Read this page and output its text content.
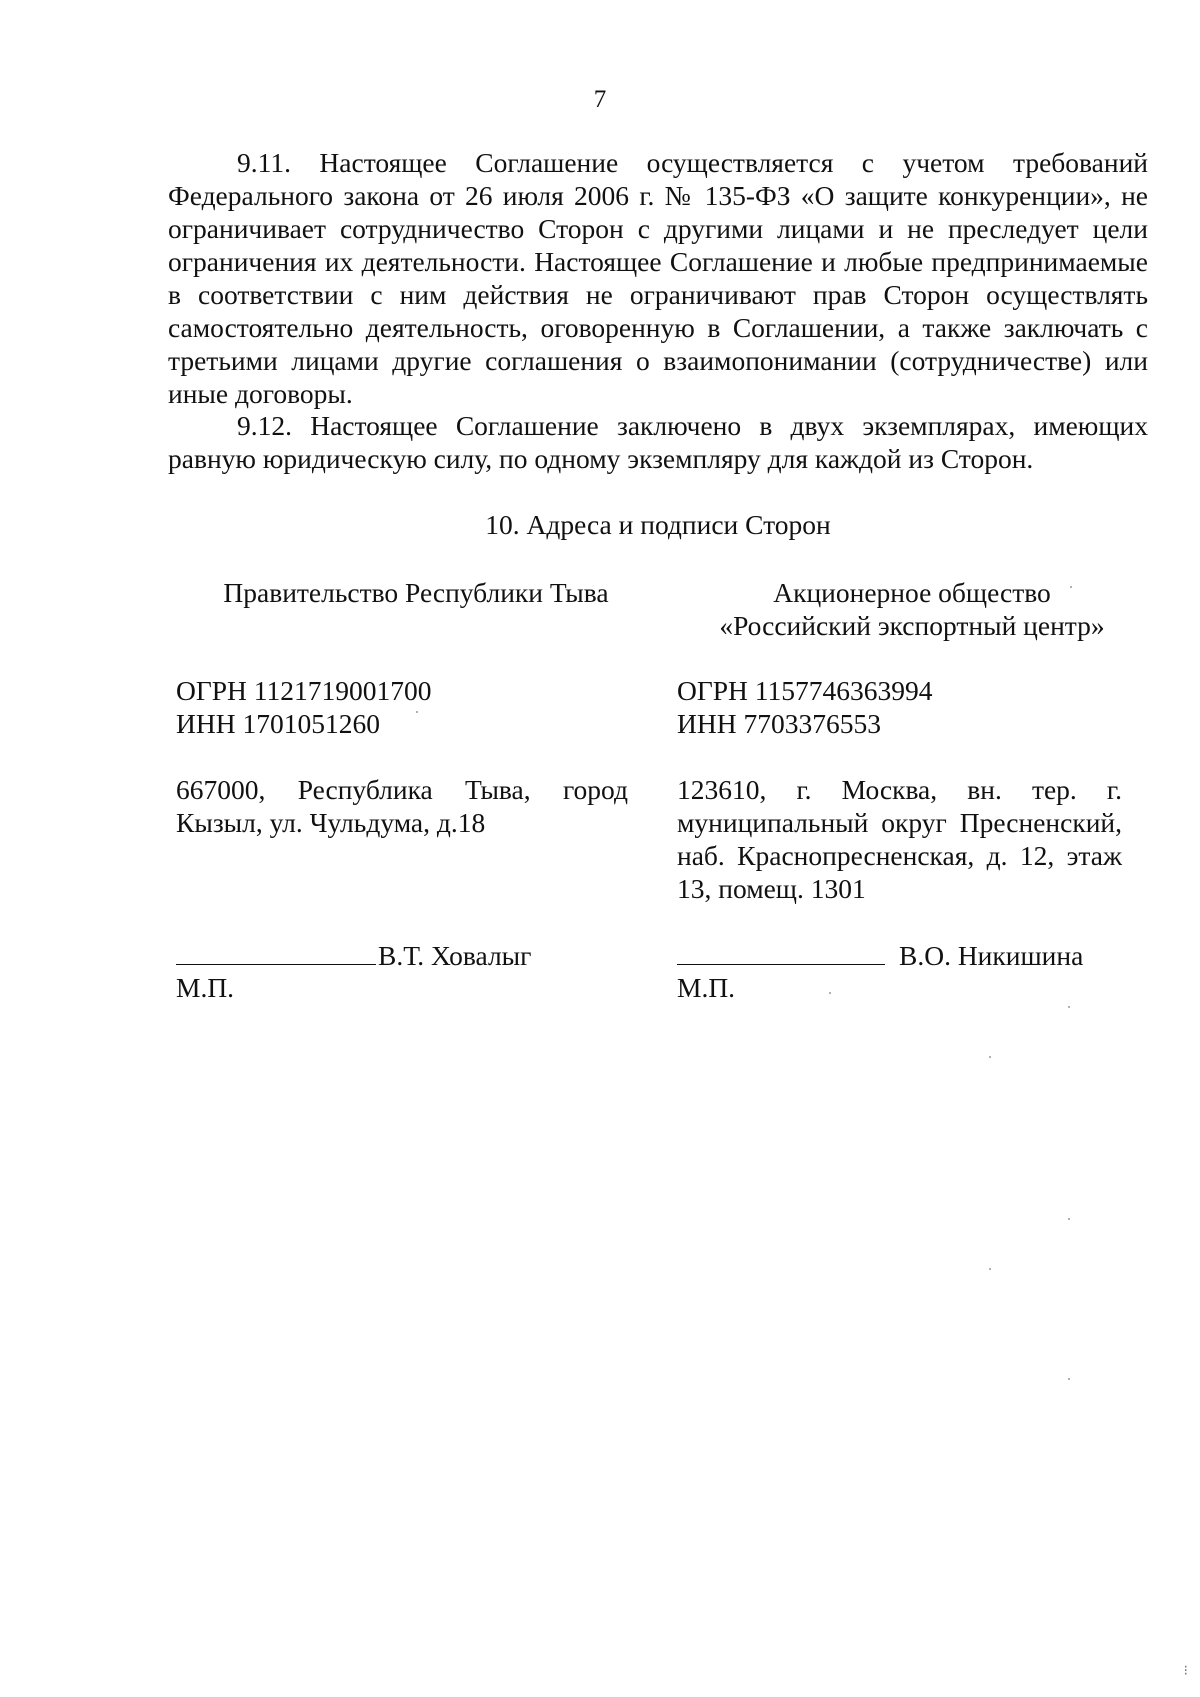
7

9.11. Настоящее Соглашение осуществляется с учетом требований Федерального закона от 26 июля 2006 г. № 135-ФЗ «О защите конкуренции», не ограничивает сотрудничество Сторон с другими лицами и не преследует цели ограничения их деятельности. Настоящее Соглашение и любые предпринимаемые в соответствии с ним действия не ограничивают прав Сторон осуществлять самостоятельно деятельность, оговоренную в Соглашении, а также заключать с третьими лицами другие соглашения о взаимопонимании (сотрудничестве) или иные договоры.

9.12. Настоящее Соглашение заключено в двух экземплярах, имеющих равную юридическую силу, по одному экземпляру для каждой из Сторон.

10. Адреса и подписи Сторон
Правительство Республики Тыва
ОГРН 1121719001700
ИНН 1701051260
667000, Республика Тыва, город Кызыл, ул. Чульдума, д.18
В.Т. Ховалыг
М.П.
Акционерное общество
«Российский экспортный центр»
ОГРН 1157746363994
ИНН 7703376553
123610, г. Москва, вн. тер. г. муниципальный округ Пресненский, наб. Краснопресненская, д. 12, этаж 13, помещ. 1301
В.О. Никишина
М.П.
⁝
